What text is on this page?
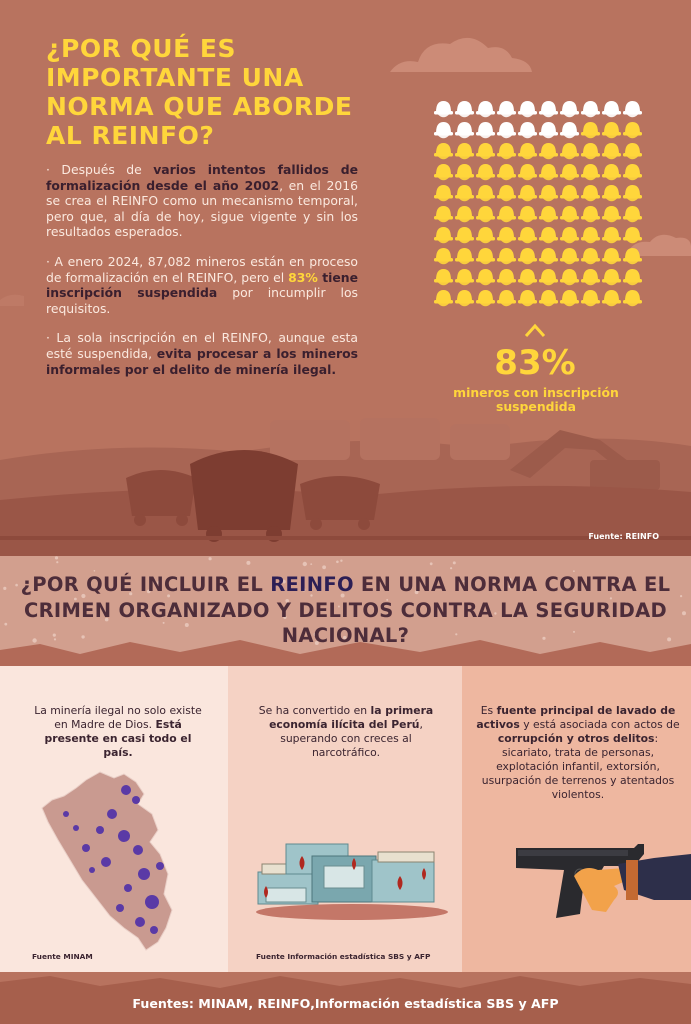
¿POR QUÉ ES IMPORTANTE UNA NORMA QUE ABORDE AL REINFO?

· Después de varios intentos fallidos de formalización desde el año 2002, en el 2016 se crea el REINFO como un mecanismo temporal, pero que, al día de hoy, sigue vigente y sin los resultados esperados.

· A enero 2024, 87,082 mineros están en proceso de formalización en el REINFO, pero el 83% tiene inscripción suspendida por incumplir los requisitos.

· La sola inscripción en el REINFO, aunque esta esté suspendida, evita procesar a los mineros informales por el delito de minería ilegal.	83%
mineros con inscripción suspendida
Fuente: REINFO
¿POR QUÉ INCLUIR EL REINFO EN UNA NORMA CONTRA EL CRIMEN ORGANIZADO Y DELITOS CONTRA LA SEGURIDAD NACIONAL?

La minería ilegal no solo existe en Madre de Dios. Está presente en casi todo el país.

Fuente MINAM

Se ha convertido en la primera economía ilícita del Perú, superando con creces al narcotráfico.

Fuente Información estadística SBS y AFP

Es fuente principal de lavado de activos y está asociada con actos de corrupción y otros delitos: sicariato, trata de personas, explotación infantil, extorsión, usurpación de terrenos y atentados violentos.

Fuentes: MINAM, REINFO,Información estadística SBS y AFP
